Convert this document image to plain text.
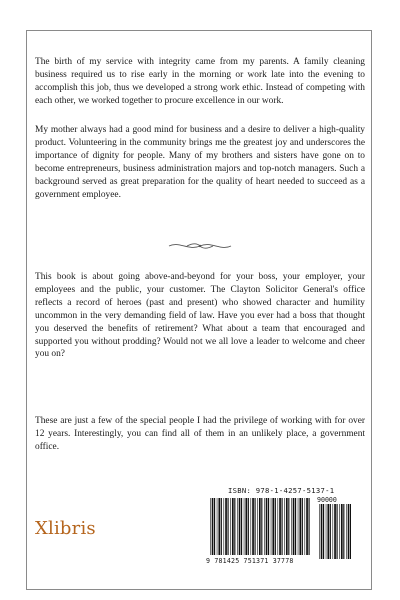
The birth of my service with integrity came from my parents. A family cleaning business required us to rise early in the morning or work late into the evening to accomplish this job, thus we developed a strong work ethic. Instead of competing with each other, we worked together to procure excellence in our work.

My mother always had a good mind for business and a desire to deliver a high-quality product. Volunteering in the community brings me the greatest joy and underscores the importance of dignity for people. Many of my brothers and sisters have gone on to become entrepreneurs, business administration majors and top-notch managers. Such a background served as great preparation for the quality of heart needed to succeed as a government employee.

This book is about going above-and-beyond for your boss, your employer, your employees and the public, your customer. The Clayton Solicitor General's office reflects a record of heroes (past and present) who showed character and humility uncommon in the very demanding field of law. Have you ever had a boss that thought you deserved the benefits of retirement? What about a team that encouraged and supported you without prodding? Would not we all love a leader to welcome and cheer you on?

These are just a few of the special people I had the privilege of working with for over 12 years. Interestingly, you can find all of them in an unlikely place, a government office.

Xlibris
ISBN: 978-1-4257-5137-1
90000
9 781425 751371 37778
